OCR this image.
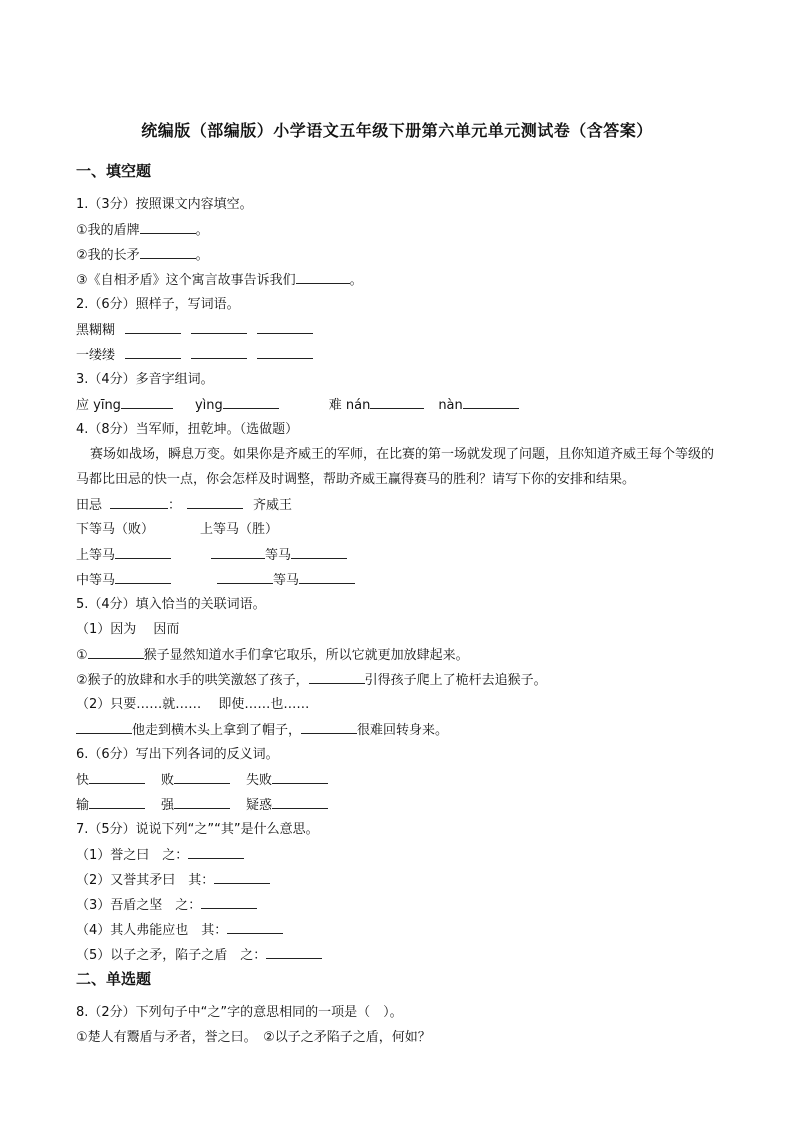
统编版（部编版）小学语文五年级下册第六单元单元测试卷（含答案）
一、填空题
1.（3分）按照课文内容填空。
①我的盾牌	。
②我的长矛	。
③《自相矛盾》这个寓言故事告诉我们	。
2.（6分）照样子，写词语。
黑糊糊
一缕缕
3.（4分）多音字组词。
应 yīng	yìng	难 nán	nàn
4.（8分）当军师，扭乾坤。（选做题）
赛场如战场，瞬息万变。如果你是齐威王的军师，在比赛的第一场就发现了问题，且你知道齐威王每个等级的马都比田忌的快一点，你会怎样及时调整，帮助齐威王赢得赛马的胜利？请写下你的安排和结果。
田忌	：	齐威王
下等马（败）	上等马（胜）
上等马	等马
中等马	等马
5.（4分）填入恰当的关联词语。
（1）因为　 因而
①	猴子显然知道水手们拿它取乐，所以它就更加放肆起来。
②猴子的放肆和水手的哄笑激怒了孩子，	引得孩子爬上了桅杆去追猴子。
（2）只要……就……　 即使……也……
他走到横木头上拿到了帽子，	很难回转身来。
6.（6分）写出下列各词的反义词。
快	败	失败
输	强	疑惑
7.（5分）说说下列“之”“其”是什么意思。
（1）誉之曰　之：
（2）又誉其矛曰　其：
（3）吾盾之坚　之：
（4）其人弗能应也　其：
（5）以子之矛，陷子之盾　之：
二、单选题
8.（2分）下列句子中“之”字的意思相同的一项是（　）。
①楚人有鬻盾与矛者，誉之曰。　②以子之矛陷子之盾，何如？
